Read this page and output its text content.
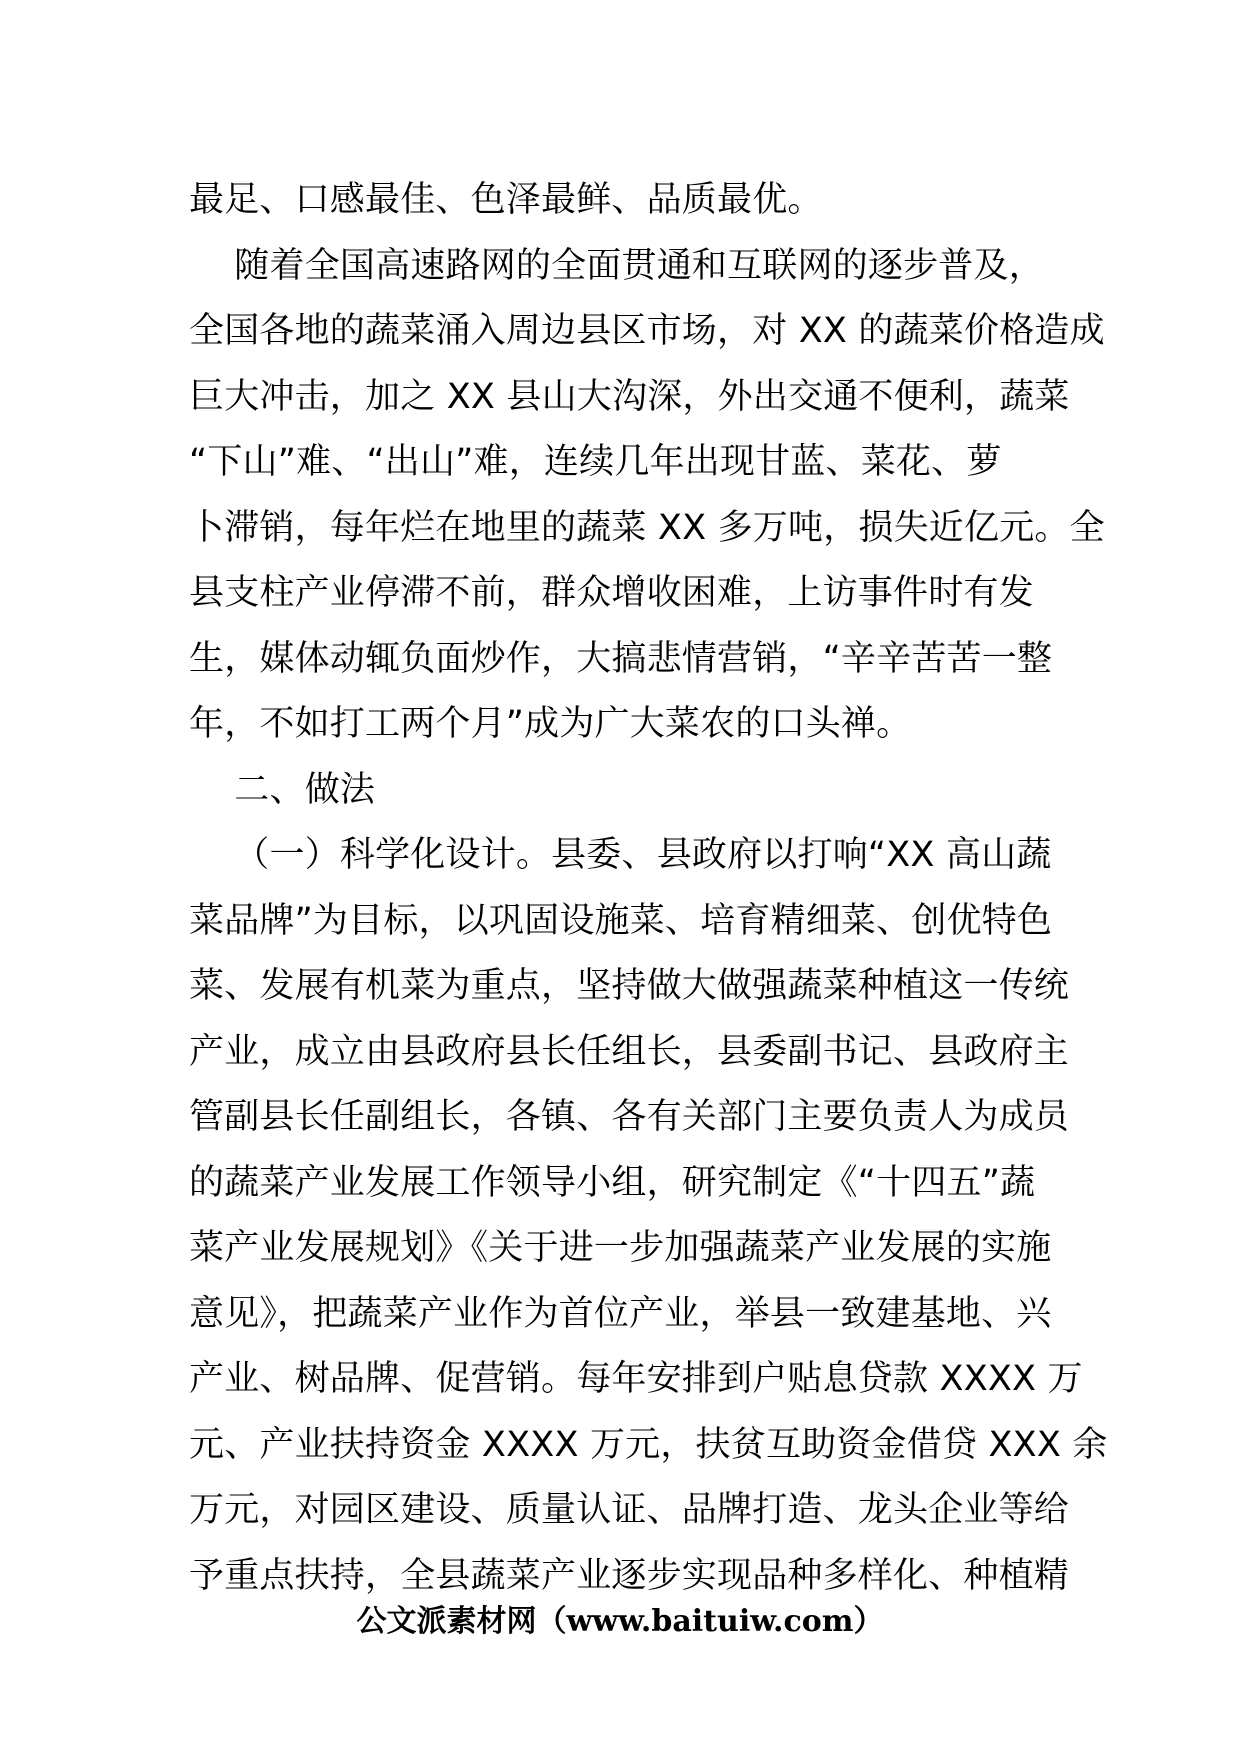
最足、口感最佳、色泽最鲜、品质最优。
随着全国高速路网的全面贯通和互联网的逐步普及，
全国各地的蔬菜涌入周边县区市场，对 XX 的蔬菜价格造成
巨大冲击，加之 XX 县山大沟深，外出交通不便利，蔬菜
“下山”难、“出山”难，连续几年出现甘蓝、菜花、萝
卜滞销，每年烂在地里的蔬菜 XX 多万吨，损失近亿元。全
县支柱产业停滞不前，群众增收困难，上访事件时有发
生，媒体动辄负面炒作，大搞悲情营销，“辛辛苦苦一整
年，不如打工两个月”成为广大菜农的口头禅。
二、做法
（一）科学化设计。县委、县政府以打响“XX 高山蔬
菜品牌”为目标，以巩固设施菜、培育精细菜、创优特色
菜、发展有机菜为重点，坚持做大做强蔬菜种植这一传统
产业，成立由县政府县长任组长，县委副书记、县政府主
管副县长任副组长，各镇、各有关部门主要负责人为成员
的蔬菜产业发展工作领导小组，研究制定《“十四五”蔬
菜产业发展规划》《关于进一步加强蔬菜产业发展的实施
意见》，把蔬菜产业作为首位产业，举县一致建基地、兴
产业、树品牌、促营销。每年安排到户贴息贷款 XXXX 万
元、产业扶持资金 XXXX 万元，扶贫互助资金借贷 XXX 余
万元，对园区建设、质量认证、品牌打造、龙头企业等给
予重点扶持，全县蔬菜产业逐步实现品种多样化、种植精
公文派素材网（www.baituiw.com）
